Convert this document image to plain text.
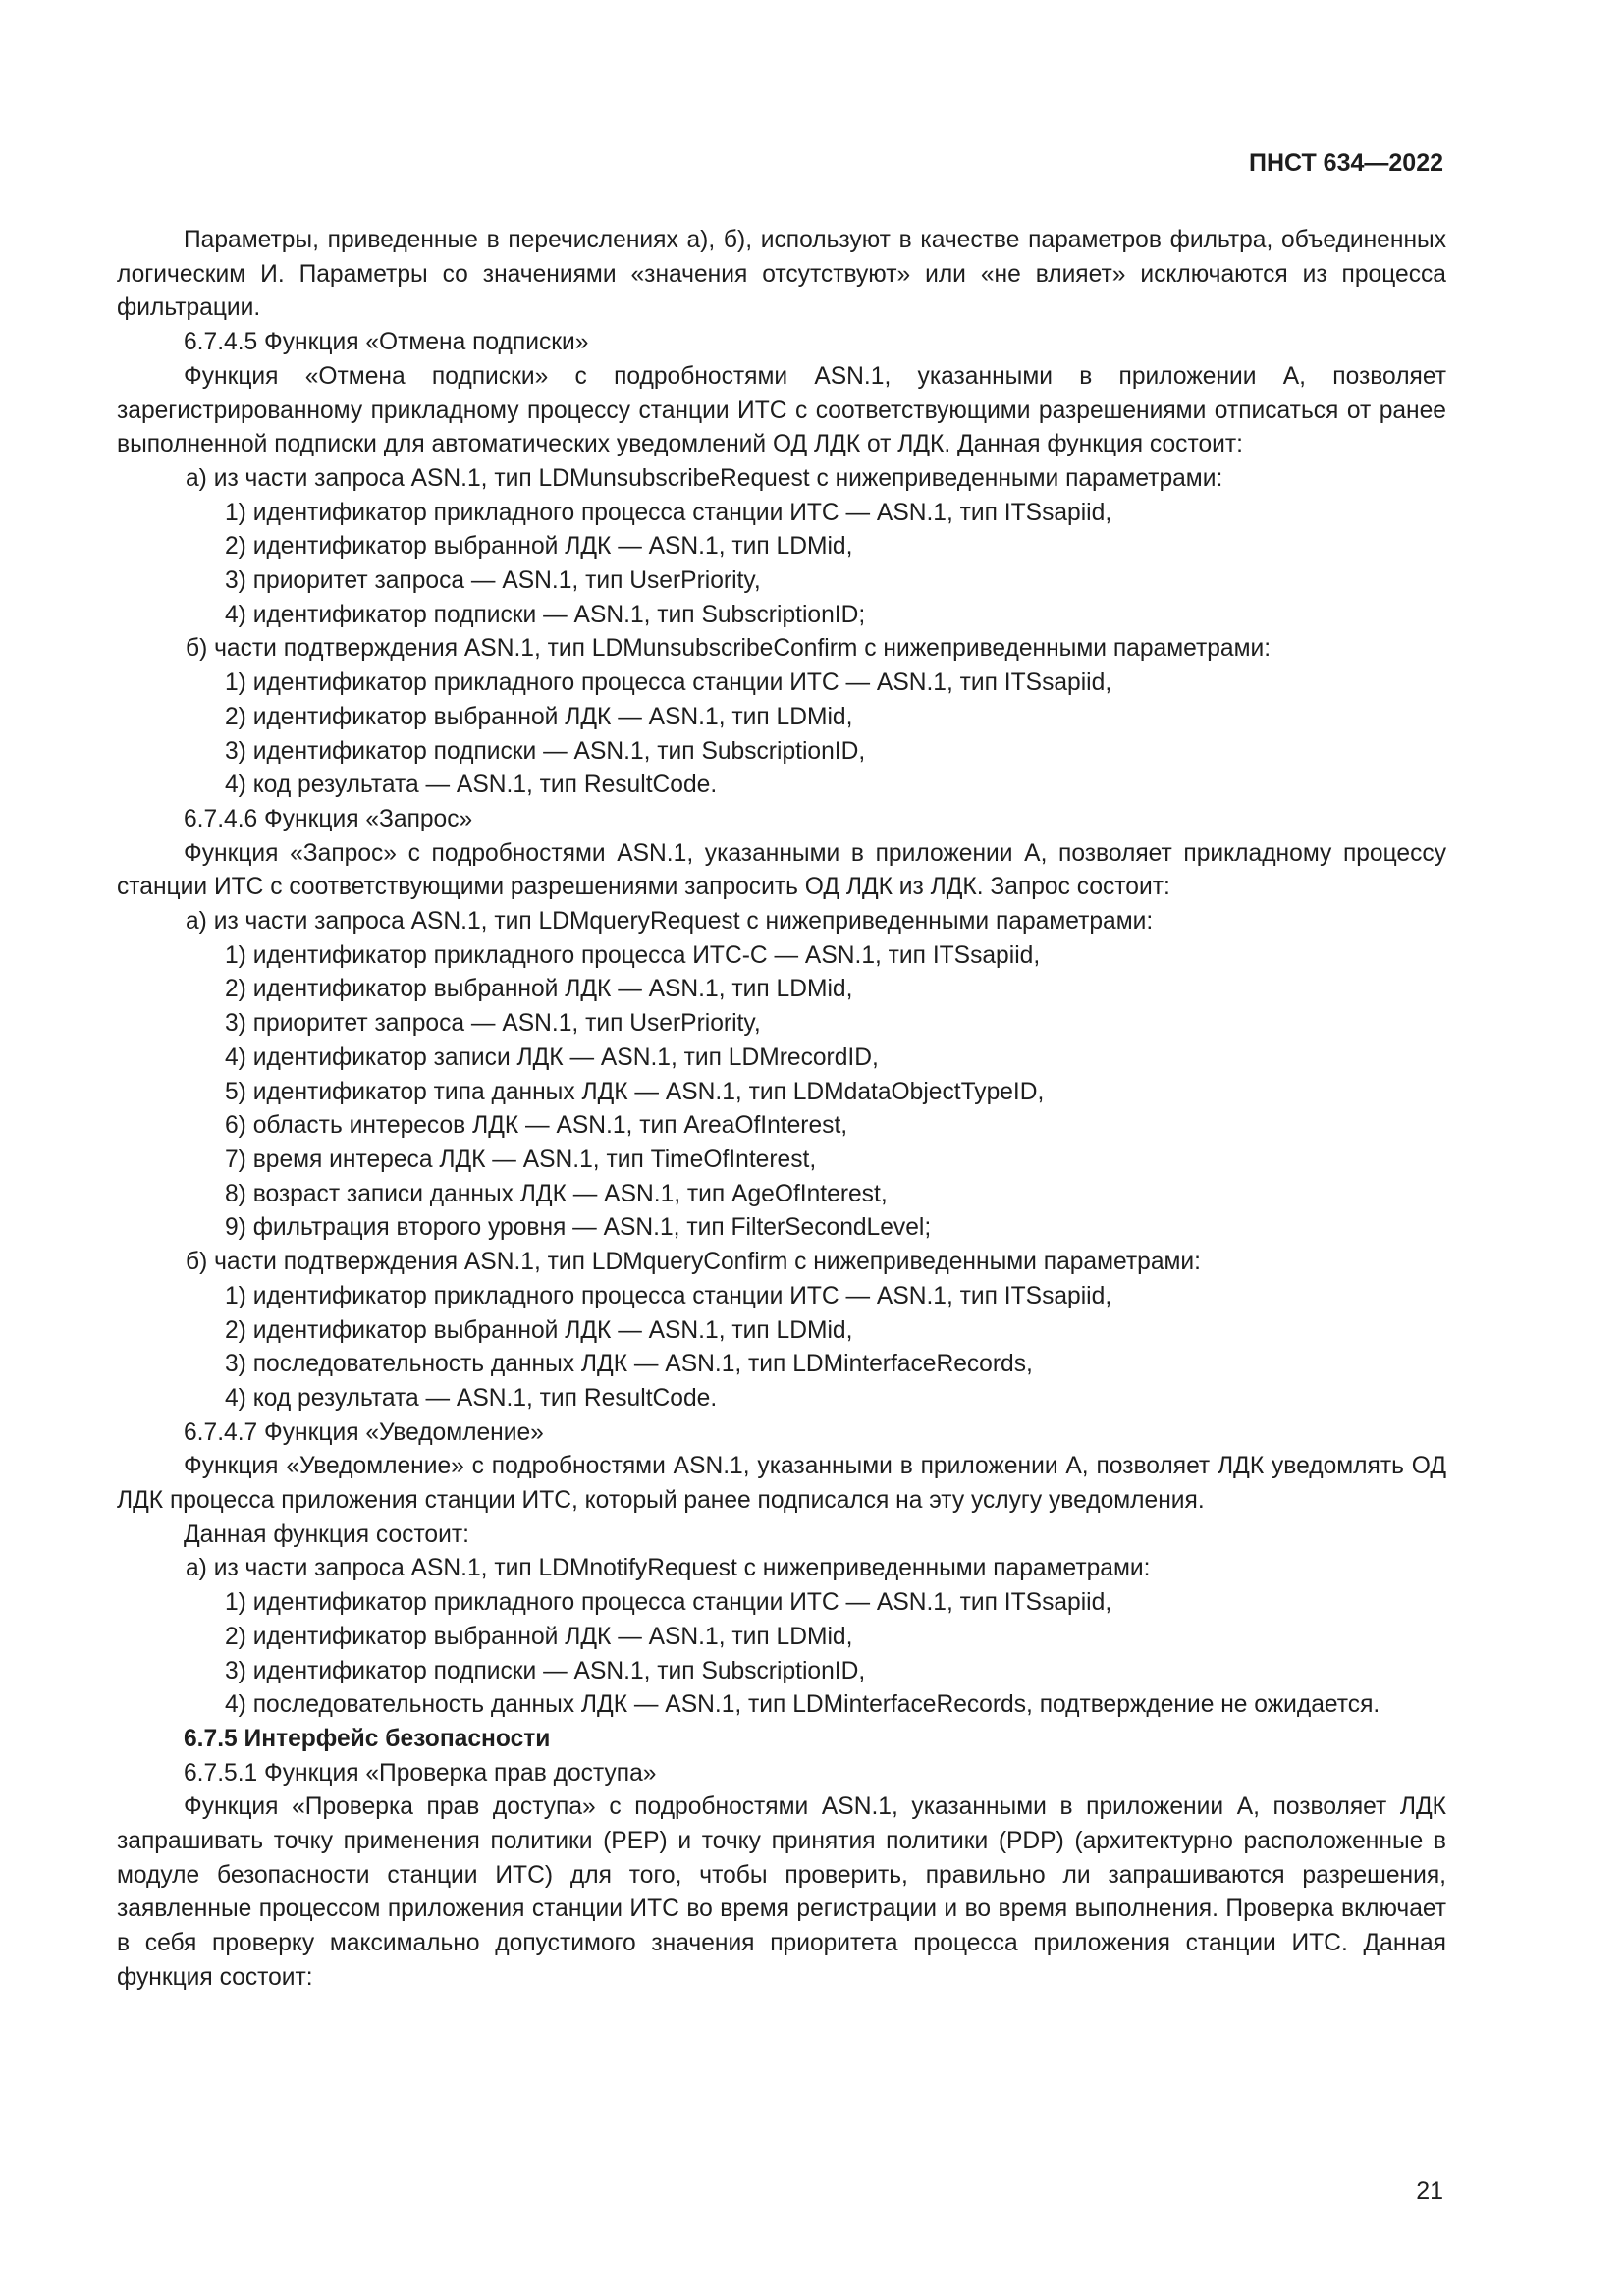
ПНСТ 634—2022

Параметры, приведенные в перечислениях а), б), используют в качестве параметров фильтра, объединенных логическим И. Параметры со значениями «значения отсутствуют» или «не влияет» исключаются из процесса фильтрации.

6.7.4.5 Функция «Отмена подписки»

Функция «Отмена подписки» с подробностями ASN.1, указанными в приложении А, позволяет зарегистрированному прикладному процессу станции ИТС с соответствующими разрешениями отписаться от ранее выполненной подписки для автоматических уведомлений ОД ЛДК от ЛДК. Данная функция состоит:

а) из части запроса ASN.1, тип LDMunsubscribeRequest с нижеприведенными параметрами:

1) идентификатор прикладного процесса станции ИТС — ASN.1, тип ITSsapiid,

2) идентификатор выбранной ЛДК — ASN.1, тип LDMid,

3) приоритет запроса — ASN.1, тип UserPriority,

4) идентификатор подписки — ASN.1, тип SubscriptionID;

б) части подтверждения ASN.1, тип LDMunsubscribeConfirm с нижеприведенными параметрами:

1) идентификатор прикладного процесса станции ИТС — ASN.1, тип ITSsapiid,

2) идентификатор выбранной ЛДК — ASN.1, тип LDMid,

3) идентификатор подписки — ASN.1, тип SubscriptionID,

4) код результата — ASN.1, тип ResultCode.

6.7.4.6 Функция «Запрос»

Функция «Запрос» с подробностями ASN.1, указанными в приложении А, позволяет прикладному процессу станции ИТС с соответствующими разрешениями запросить ОД ЛДК из ЛДК. Запрос состоит:

а) из части запроса ASN.1, тип LDMqueryRequest с нижеприведенными параметрами:

1) идентификатор прикладного процесса ИТС-С — ASN.1, тип ITSsapiid,

2) идентификатор выбранной ЛДК — ASN.1, тип LDMid,

3) приоритет запроса — ASN.1, тип UserPriority,

4) идентификатор записи ЛДК — ASN.1, тип LDMrecordID,

5) идентификатор типа данных ЛДК — ASN.1, тип LDMdataObjectTypeID,

6) область интересов ЛДК — ASN.1, тип AreaOfInterest,

7) время интереса ЛДК — ASN.1, тип TimeOfInterest,

8) возраст записи данных ЛДК — ASN.1, тип AgeOfInterest,

9) фильтрация второго уровня — ASN.1, тип FilterSecondLevel;

б) части подтверждения ASN.1, тип LDMqueryConfirm с нижеприведенными параметрами:

1) идентификатор прикладного процесса станции ИТС — ASN.1, тип ITSsapiid,

2) идентификатор выбранной ЛДК — ASN.1, тип LDMid,

3) последовательность данных ЛДК — ASN.1, тип LDMinterfaceRecords,

4) код результата — ASN.1, тип ResultCode.

6.7.4.7 Функция «Уведомление»

Функция «Уведомление» с подробностями ASN.1, указанными в приложении А, позволяет ЛДК уведомлять ОД ЛДК процесса приложения станции ИТС, который ранее подписался на эту услугу уведомления.

Данная функция состоит:

а) из части запроса ASN.1, тип LDMnotifyRequest с нижеприведенными параметрами:

1) идентификатор прикладного процесса станции ИТС — ASN.1, тип ITSsapiid,

2) идентификатор выбранной ЛДК — ASN.1, тип LDMid,

3) идентификатор подписки — ASN.1, тип SubscriptionID,

4) последовательность данных ЛДК — ASN.1, тип LDMinterfaceRecords, подтверждение не ожидается.

6.7.5 Интерфейс безопасности

6.7.5.1 Функция «Проверка прав доступа»

Функция «Проверка прав доступа» с подробностями ASN.1, указанными в приложении А, позволяет ЛДК запрашивать точку применения политики (PEP) и точку принятия политики (PDP) (архитектурно расположенные в модуле безопасности станции ИТС) для того, чтобы проверить, правильно ли запрашиваются разрешения, заявленные процессом приложения станции ИТС во время регистрации и во время выполнения. Проверка включает в себя проверку максимально допустимого значения приоритета процесса приложения станции ИТС. Данная функция состоит:

21
